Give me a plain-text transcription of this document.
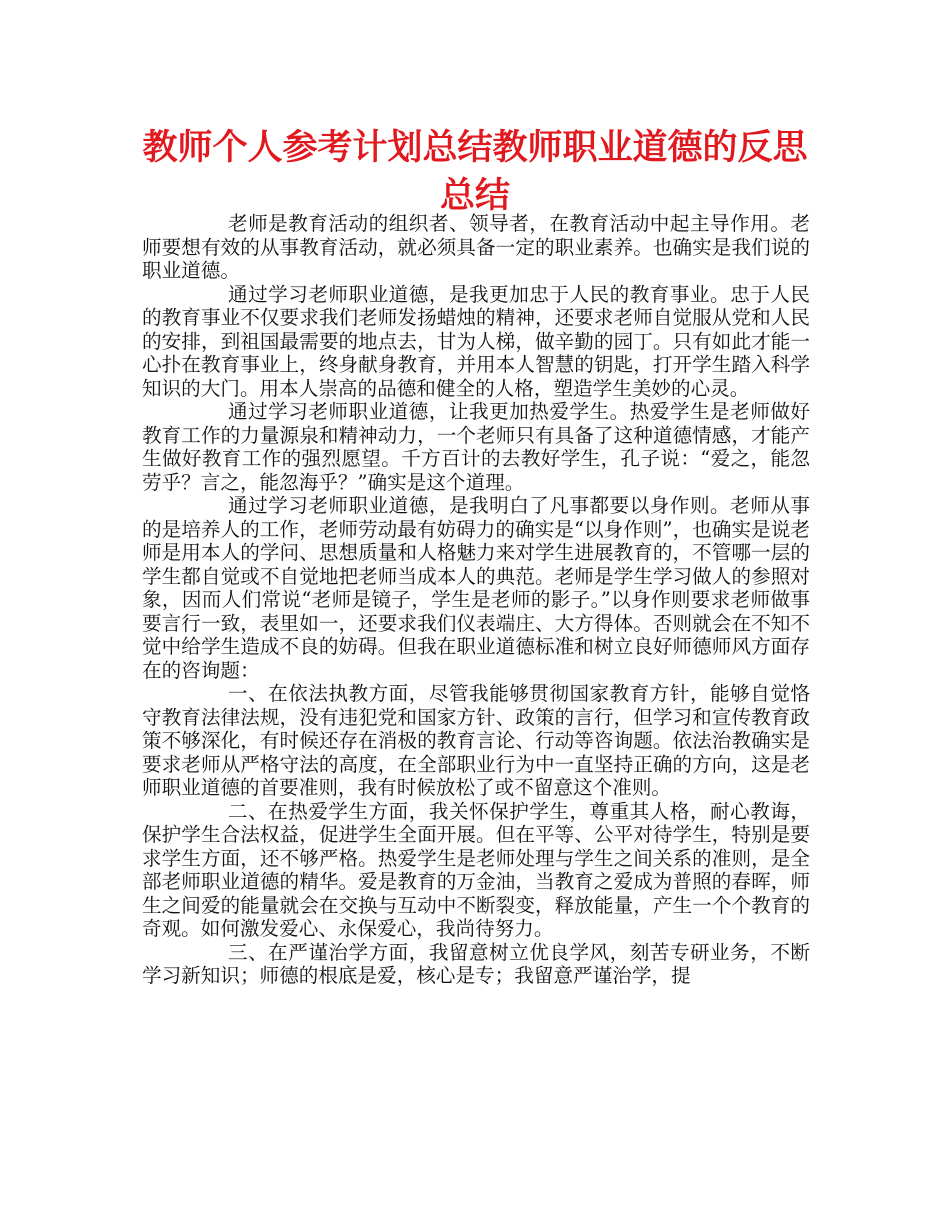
教师个人参考计划总结教师职业道德的反思总结

老师是教育活动的组织者、领导者，在教育活动中起主导作用。老师要想有效的从事教育活动，就必须具备一定的职业素养。也确实是我们说的职业道德。

通过学习老师职业道德，是我更加忠于人民的教育事业。忠于人民的教育事业不仅要求我们老师发扬蜡烛的精神，还要求老师自觉服从党和人民的安排，到祖国最需要的地点去，甘为人梯，做辛勤的园丁。只有如此才能一心扑在教育事业上，终身献身教育，并用本人智慧的钥匙，打开学生踏入科学知识的大门。用本人崇高的品德和健全的人格，塑造学生美妙的心灵。

通过学习老师职业道德，让我更加热爱学生。热爱学生是老师做好教育工作的力量源泉和精神动力，一个老师只有具备了这种道德情感，才能产生做好教育工作的强烈愿望。千方百计的去教好学生，孔子说：“爱之，能忽劳乎？言之，能忽海乎？”确实是这个道理。

通过学习老师职业道德，是我明白了凡事都要以身作则。老师从事的是培养人的工作，老师劳动最有妨碍力的确实是“以身作则”，也确实是说老师是用本人的学问、思想质量和人格魅力来对学生进展教育的，不管哪一层的学生都自觉或不自觉地把老师当成本人的典范。老师是学生学习做人的参照对象，因而人们常说“老师是镜子，学生是老师的影子。”以身作则要求老师做事要言行一致，表里如一，还要求我们仪表端庄、大方得体。否则就会在不知不觉中给学生造成不良的妨碍。但我在职业道德标准和树立良好师德师风方面存在的咨询题：

一、在依法执教方面，尽管我能够贯彻国家教育方针，能够自觉恪守教育法律法规，没有违犯党和国家方针、政策的言行，但学习和宣传教育政策不够深化，有时候还存在消极的教育言论、行动等咨询题。依法治教确实是要求老师从严格守法的高度，在全部职业行为中一直坚持正确的方向，这是老师职业道德的首要准则，我有时候放松了或不留意这个准则。

二、在热爱学生方面，我关怀保护学生，尊重其人格，耐心教诲，保护学生合法权益，促进学生全面开展。但在平等、公平对待学生，特别是要求学生方面，还不够严格。热爱学生是老师处理与学生之间关系的准则，是全部老师职业道德的精华。爱是教育的万金油，当教育之爱成为普照的春晖，师生之间爱的能量就会在交换与互动中不断裂变，释放能量，产生一个个教育的奇观。如何激发爱心、永保爱心，我尚待努力。

三、在严谨治学方面，我留意树立优良学风，刻苦专研业务，不断学习新知识；师德的根底是爱，核心是专；我留意严谨治学，提
